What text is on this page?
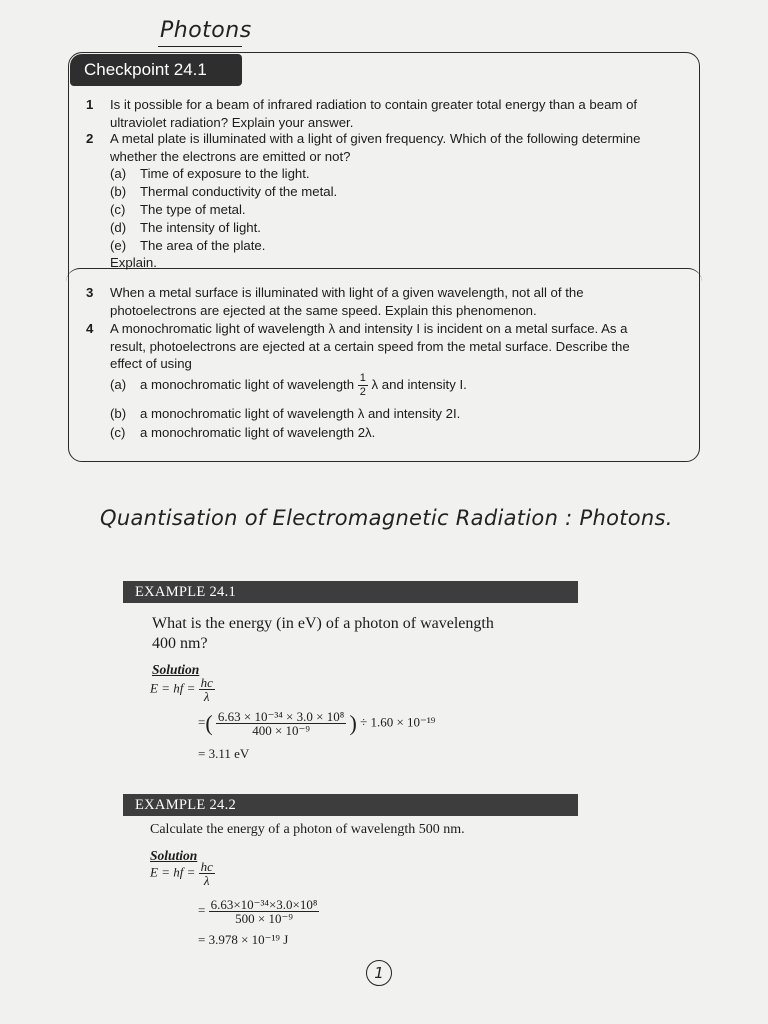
Photons
Checkpoint 24.1
1	Is it possible for a beam of infrared radiation to contain greater total energy than a beam of
ultraviolet radiation? Explain your answer.
2	A metal plate is illuminated with a light of given frequency. Which of the following determine
whether the electrons are emitted or not?
(a) Time of exposure to the light.
(b) Thermal conductivity of the metal.
(c) The type of metal.
(d) The intensity of light.
(e) The area of the plate.
Explain.
3	When a metal surface is illuminated with light of a given wavelength, not all of the
photoelectrons are ejected at the same speed. Explain this phenomenon.
4	A monochromatic light of wavelength λ and intensity I is incident on a metal surface. As a
result, photoelectrons are ejected at a certain speed from the metal surface. Describe the
effect of using
(a) a monochromatic light of wavelength $\frac{1}{2}$ λ and intensity I.
(b) a monochromatic light of wavelength λ and intensity 2I.
(c) a monochromatic light of wavelength 2λ.
Quantisation of Electromagnetic Radiation : Photons.
EXAMPLE 24.1
What is the energy (in eV) of a photon of wavelength
400 nm?
Solution
E = hf = $\frac{hc}{\lambda}$
=( $\frac{\text{6.63 × 10⁻³⁴ × 3.0 × 10⁸}}{\text{400 × 10⁻⁹}}$ ) ÷ 1.60 × 10⁻¹⁹
= 3.11 eV
EXAMPLE 24.2
Calculate the energy of a photon of wavelength 500 nm.
Solution
E = hf = $\frac{hc}{\lambda}$
= $\frac{\text{6.63×10⁻³⁴×3.0×10⁸}}{\text{500 × 10⁻⁹}}$
= 3.978 × 10⁻¹⁹ J
1
